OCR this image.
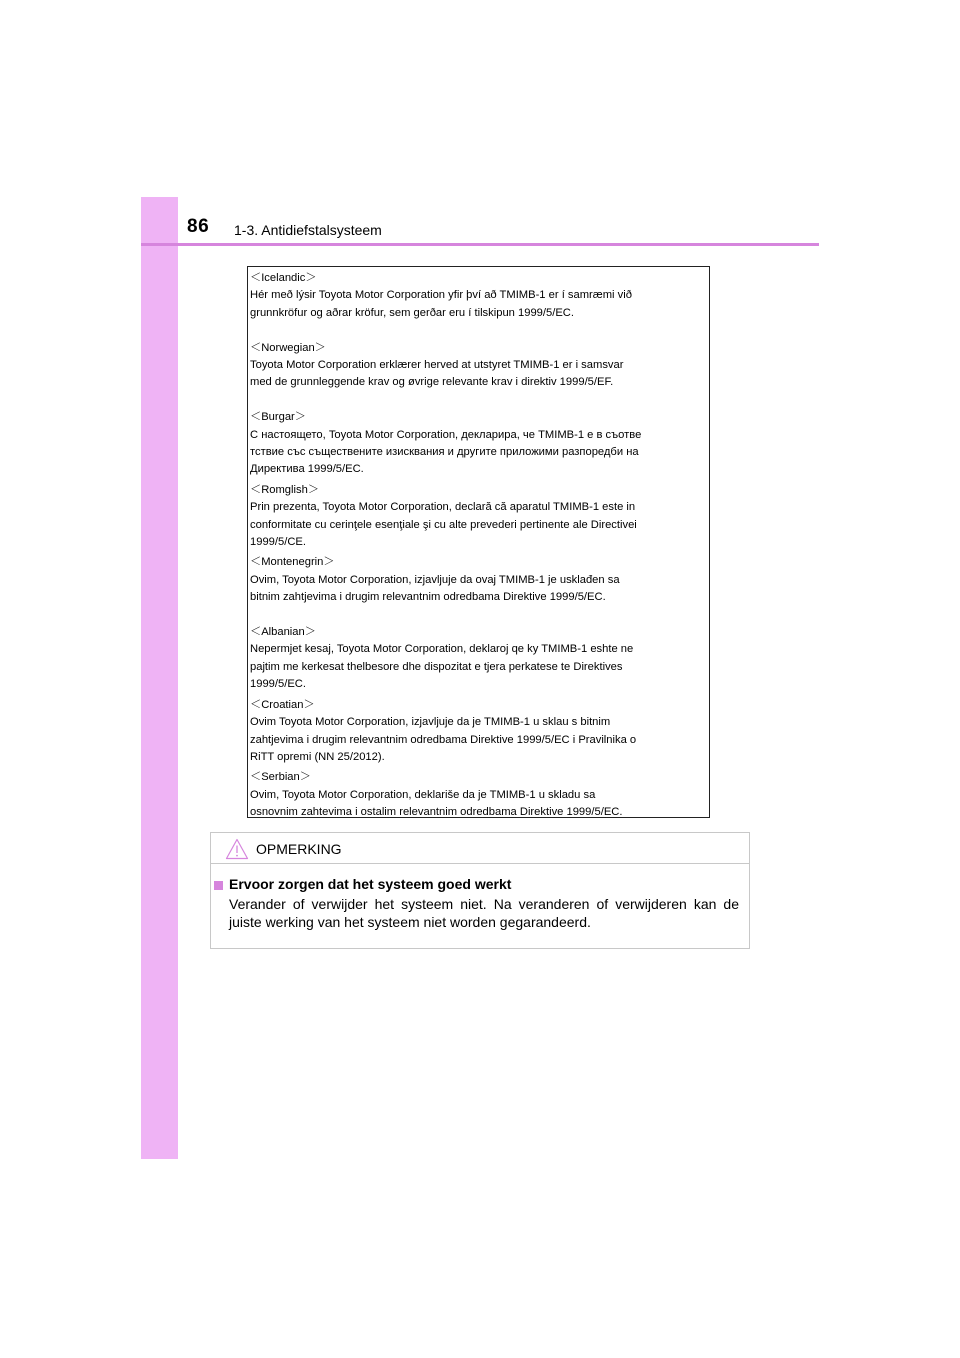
86 1-3. Antidiefstalsysteem
＜Icelandic＞
Hér með lýsir Toyota Motor Corporation yfir því að TMIMB-1 er í samræmi við
grunnkröfur og aðrar kröfur, sem gerðar eru í tilskipun 1999/5/EC.
＜Norwegian＞
Toyota Motor Corporation erklærer herved at utstyret TMIMB-1 er i samsvar
med de grunnleggende krav og øvrige relevante krav i direktiv 1999/5/EF.
＜Burgar＞
С настоящето, Toyota Motor Corporation, декларира, че TMIMB-1 е в съотве
тствие със съществените изисквания и другите приложими разпоредби на
Директива 1999/5/EC.
＜Romglish＞
Prin prezenta, Toyota Motor Corporation, declară că aparatul TMIMB-1 este in
conformitate cu cerinţele esenţiale şi cu alte prevederi pertinente ale Directivei
1999/5/CE.
＜Montenegrin＞
Ovim, Toyota Motor Corporation, izjavljuje da ovaj TMIMB-1 je usklađen sa
bitnim zahtjevima i drugim relevantnim odredbama Direktive 1999/5/EC.
＜Albanian＞
Nepermjet kesaj, Toyota Motor Corporation, deklaroj qe ky TMIMB-1 eshte ne
pajtim me kerkesat thelbesore dhe dispozitat e tjera perkatese te Direktives
1999/5/EC.
＜Croatian＞
Ovim Toyota Motor Corporation, izjavljuje da je TMIMB-1 u sklau s bitnim
zahtjevima i drugim relevantnim odredbama Direktive 1999/5/EC i Pravilnika o
RiTT opremi (NN 25/2012).
＜Serbian＞
Ovim, Toyota Motor Corporation, deklariše da je TMIMB-1 u skladu sa
osnovnim zahtevima i ostalim relevantnim odredbama Direktive 1999/5/EC.
OPMERKING
Ervoor zorgen dat het systeem goed werkt
Verander of verwijder het systeem niet. Na veranderen of verwijderen kan de juiste werking van het systeem niet worden gegarandeerd.
